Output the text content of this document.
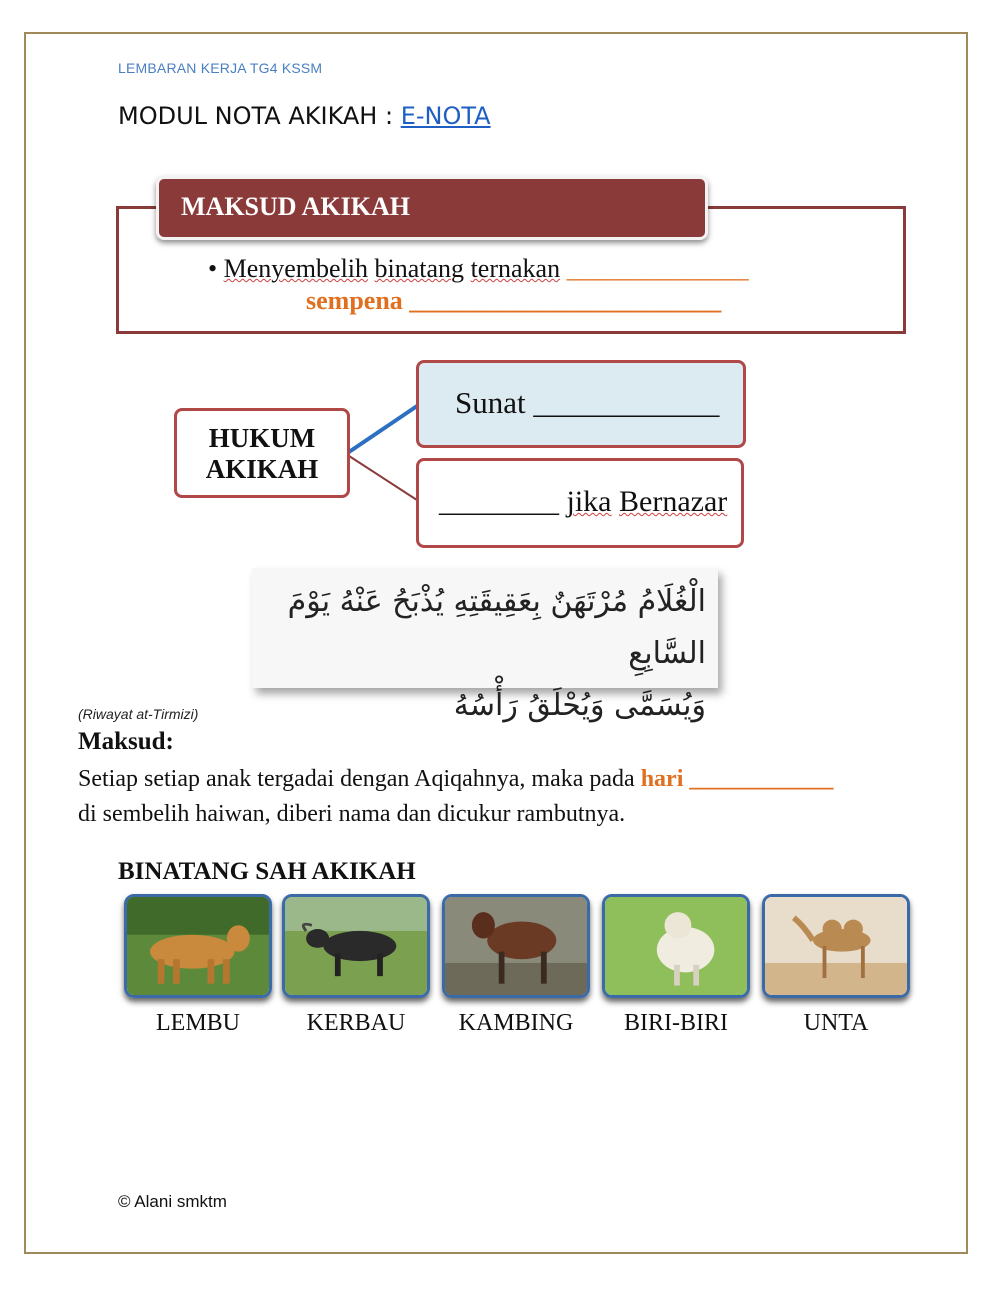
LEMBARAN KERJA TG4 KSSM
MODUL NOTA AKIKAH : E-NOTA
MAKSUD AKIKAH
• Menyembelih binatang ternakan ______________
sempena ________________________
HUKUM
AKIKAH
Sunat ____________
________ jika Bernazar
الْغُلَامُ مُرْتَهَنٌ بِعَقِيقَتِهِ يُذْبَحُ عَنْهُ يَوْمَ السَّابِعِ
وَيُسَمَّى وَيُحْلَقُ رَأْسُهُ
(Riwayat at-Tirmizi)
Maksud:
Setiap setiap anak tergadai dengan Aqiqahnya, maka pada hari ____________
di sembelih haiwan, diberi nama dan dicukur rambutnya.
BINATANG SAH AKIKAH
LEMBU	KERBAU	KAMBING	BIRI-BIRI	UNTA
© Alani smktm
